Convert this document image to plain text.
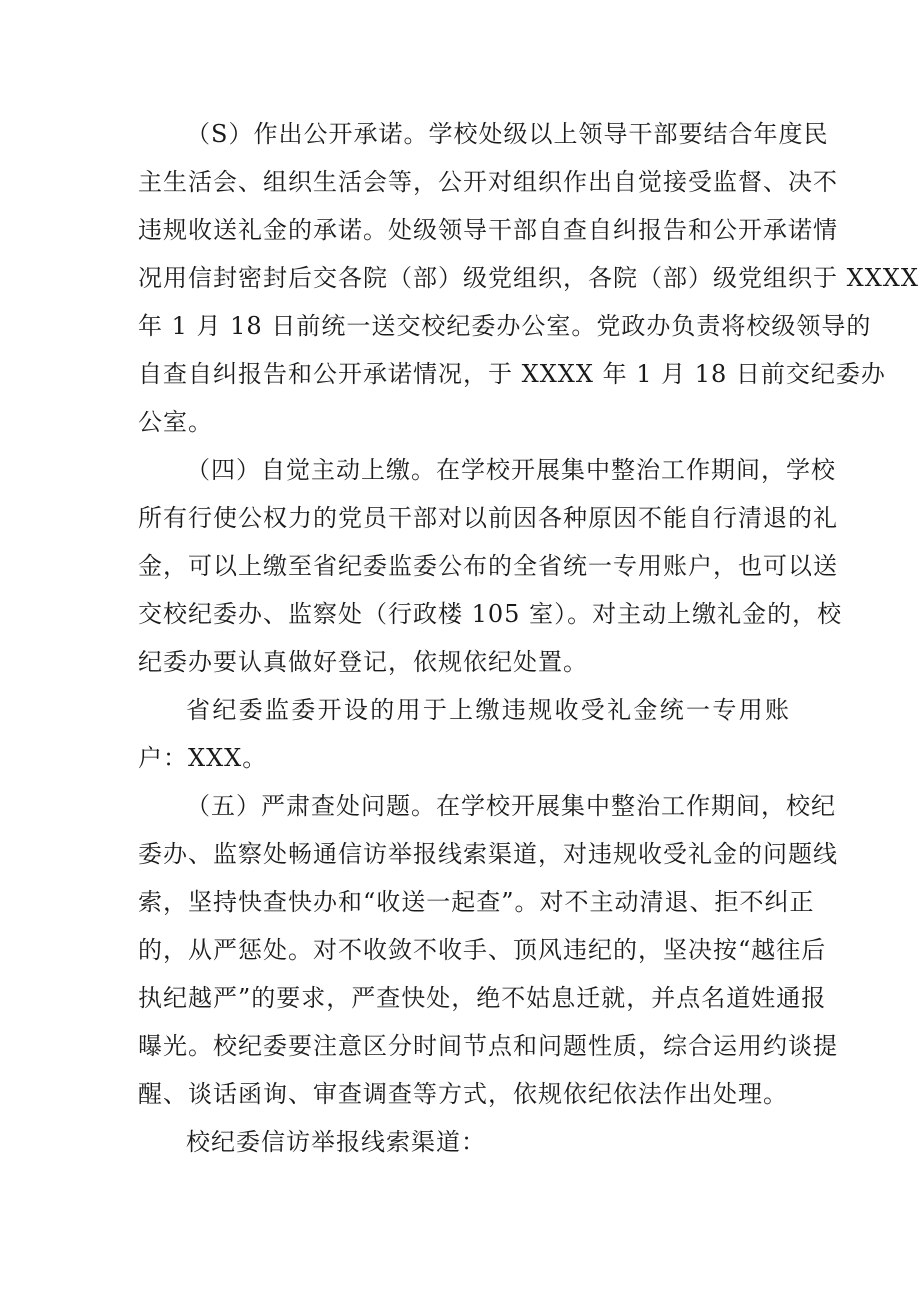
（S）作出公开承诺。学校处级以上领导干部要结合年度民
主生活会、组织生活会等，公开对组织作出自觉接受监督、决不
违规收送礼金的承诺。处级领导干部自查自纠报告和公开承诺情
况用信封密封后交各院（部）级党组织，各院（部）级党组织于 XXXX
年 1 月 18 日前统一送交校纪委办公室。党政办负责将校级领导的
自查自纠报告和公开承诺情况，于 XXXX 年 1 月 18 日前交纪委办
公室。
（四）自觉主动上缴。在学校开展集中整治工作期间，学校
所有行使公权力的党员干部对以前因各种原因不能自行清退的礼
金，可以上缴至省纪委监委公布的全省统一专用账户，也可以送
交校纪委办、监察处（行政楼 105 室）。对主动上缴礼金的，校
纪委办要认真做好登记，依规依纪处置。
省纪委监委开设的用于上缴违规收受礼金统一专用账
户：XXX。
（五）严肃查处问题。在学校开展集中整治工作期间，校纪
委办、监察处畅通信访举报线索渠道，对违规收受礼金的问题线
索，坚持快查快办和“收送一起查”。对不主动清退、拒不纠正
的，从严惩处。对不收敛不收手、顶风违纪的，坚决按“越往后
执纪越严”的要求，严查快处，绝不姑息迁就，并点名道姓通报
曝光。校纪委要注意区分时间节点和问题性质，综合运用约谈提
醒、谈话函询、审查调查等方式，依规依纪依法作出处理。
校纪委信访举报线索渠道：
